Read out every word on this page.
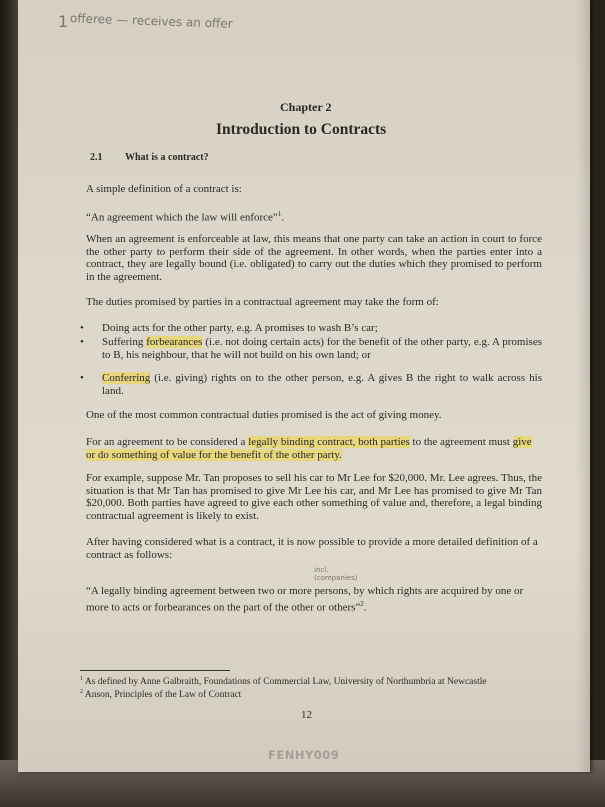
1 offeree — receives an offer
Chapter 2
Introduction to Contracts
2.1 What is a contract?

A simple definition of a contract is:

“An agreement which the law will enforce”$^1$.

When an agreement is enforceable at law, this means that one party can take an action in court to force the other party to perform their side of the agreement. In other words, when the parties enter into a contract, they are legally bound (i.e. obligated) to carry out the duties which they promised to perform in the agreement.

The duties promised by parties in a contractual agreement may take the form of:

• Doing acts for the other party, e.g. A promises to wash B’s car;
• Suffering forbearances (i.e. not doing certain acts) for the benefit of the other party, e.g. A promises to B, his neighbour, that he will not build on his own land; or
• Conferring (i.e. giving) rights on to the other person, e.g. A gives B the right to walk across his land.

One of the most common contractual duties promised is the act of giving money.

For an agreement to be considered a legally binding contract, both parties to the agreement must give or do something of value for the benefit of the other party.

For example, suppose Mr. Tan proposes to sell his car to Mr Lee for $20,000. Mr. Lee agrees. Thus, the situation is that Mr Tan has promised to give Mr Lee his car, and Mr Lee has promised to give Mr Tan $20,000. Both parties have agreed to give each other something of value and, therefore, a legal binding contractual agreement is likely to exist.

After having considered what is a contract, it is now possible to provide a more detailed definition of a contract as follows:

incl. (companies)

“A legally binding agreement between two or more persons, by which rights are acquired by one or more to acts or forbearances on the part of the other or others”$^2$.

$^1$ As defined by Anne Galbraith, Foundations of Commercial Law, University of Northumbria at Newcastle

$^2$ Anson, Principles of the Law of Contract

12
FENHY009
